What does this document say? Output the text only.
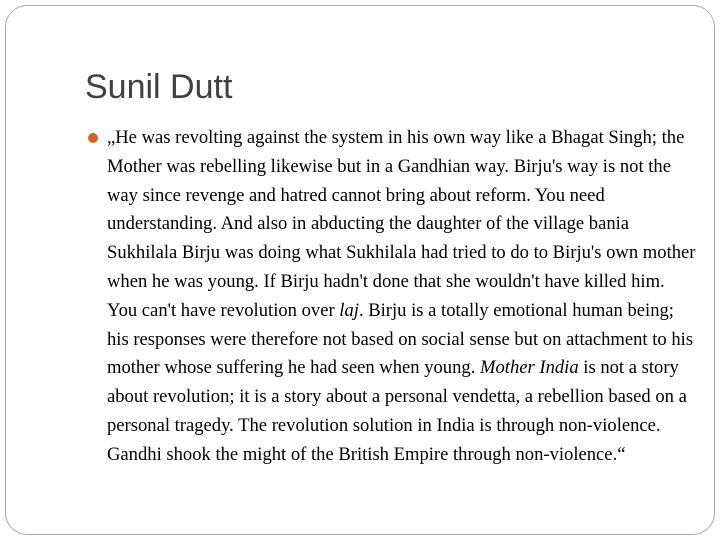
Sunil Dutt

„He was revolting against the system in his own way like a Bhagat Singh; the Mother was rebelling likewise but in a Gandhian way. Birju's way is not the way since revenge and hatred cannot bring about reform. You need understanding. And also in abducting the daughter of the village bania Sukhilala Birju was doing what Sukhilala had tried to do to Birju's own mother when he was young. If Birju hadn't done that she wouldn't have killed him. You can't have revolution over laj. Birju is a totally emotional human being; his responses were therefore not based on social sense but on attachment to his mother whose suffering he had seen when young. Mother India is not a story about revolution; it is a story about a personal vendetta, a rebellion based on a personal tragedy. The revolution solution in India is through non-violence. Gandhi shook the might of the British Empire through non-violence.“
